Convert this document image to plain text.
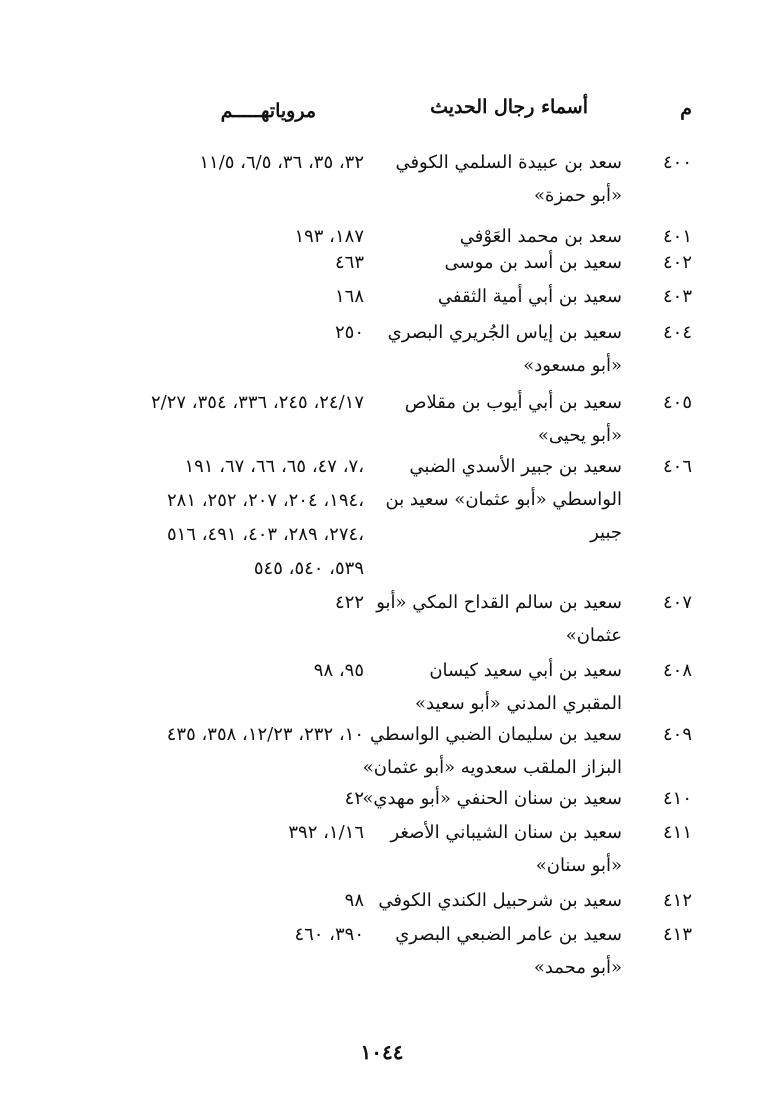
م
أسماء رجال الحديث
مروياتهـــــم
٤٠٠
سعد بن عبيدة السلمي الكوفي
«أبو حمزة»
٣٢، ٣٥، ٣٦، ٦/٥، ١١/٥
٤٠١
سعد بن محمد العَوْفي
١٨٧، ١٩٣
٤٠٢
سعيد بن أسد بن موسى
٤٦٣
٤٠٣
سعيد بن أبي أمية الثقفي
١٦٨
٤٠٤
سعيد بن إياس الجُريري البصري
«أبو مسعود»
٢٥٠
٤٠٥
سعيد بن أبي أيوب بن مقلاص
«أبو يحيى»
٢٤/١٧، ٢٤٥، ٣٣٦، ٣٥٤، ٢/٢٧
٤٠٦
سعيد بن جبير الأسدي الضبي
الواسطي «أبو عثمان» سعيد بن
جبير
٧، ٤٧، ٦٥، ٦٦، ٦٧، ١٩١،
١٩٤، ٢٠٤، ٢٠٧، ٢٥٢، ٢٨١،
٢٧٤، ٢٨٩، ٤٠٣، ٤٩١، ٥١٦،
٥٣٩، ٥٤٠، ٥٤٥
٤٠٧
سعيد بن سالم القداح المكي «أبو
عثمان»
٤٢٢
٤٠٨
سعيد بن أبي سعيد كيسان
المقبري المدني «أبو سعيد»
٩٥، ٩٨
٤٠٩
سعيد بن سليمان الضبي الواسطي
البزاز الملقب سعدويه «أبو عثمان»
١٠، ٢٣٢، ١٢/٢٣، ٣٥٨، ٤٣٥
٤١٠
سعيد بن سنان الحنفي «أبو مهدي»
٤٢
٤١١
سعيد بن سنان الشيباني الأصغر
«أبو سنان»
١/١٦، ٣٩٢
٤١٢
سعيد بن شرحبيل الكندي الكوفي
٩٨
٤١٣
سعيد بن عامر الضبعي البصري
«أبو محمد»
٣٩٠، ٤٦٠
١٠٤٤
